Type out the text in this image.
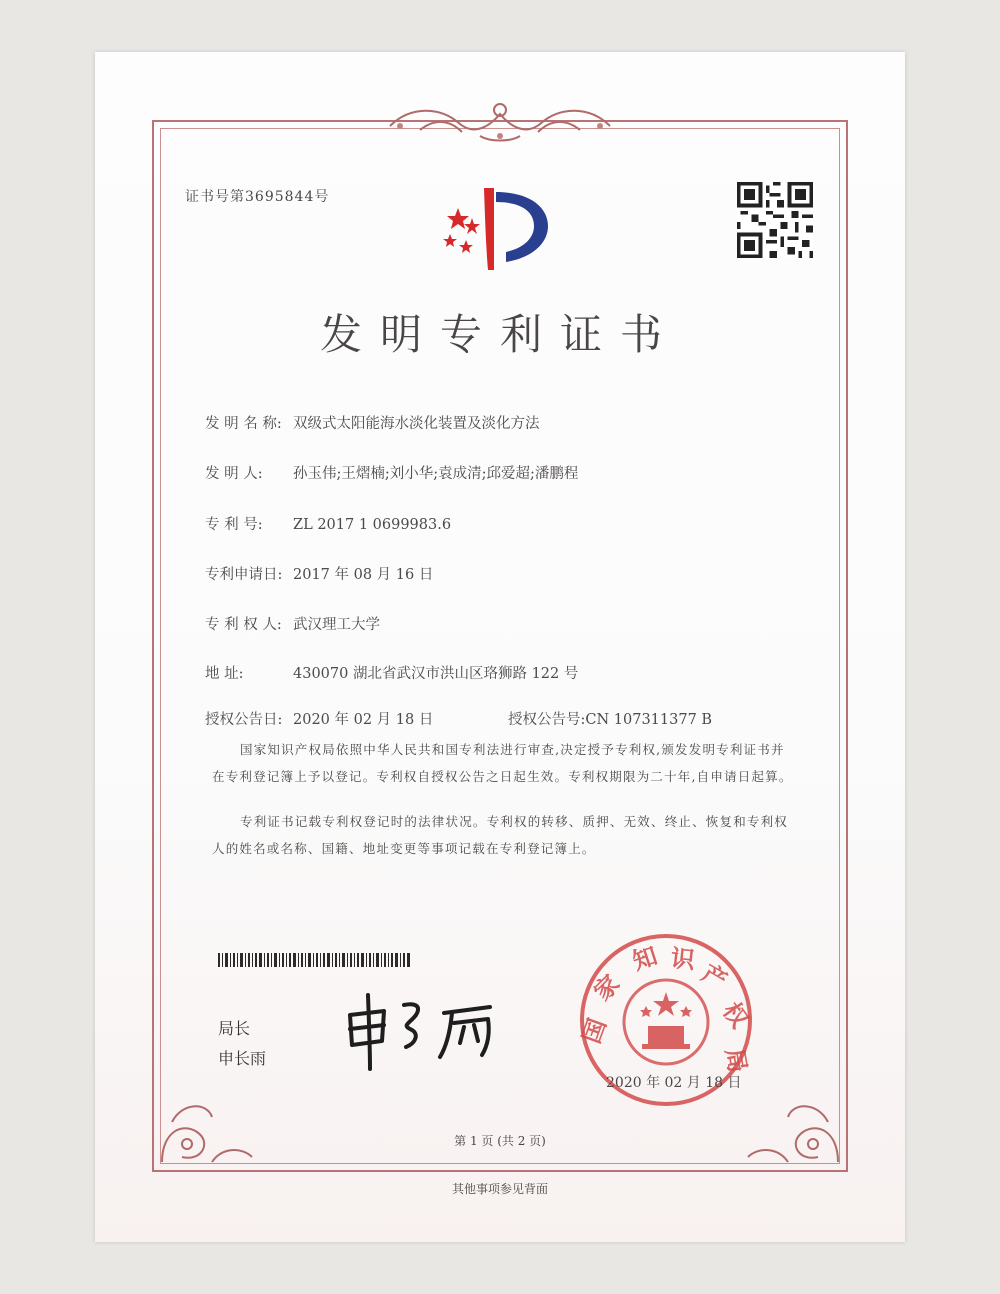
证书号第3695844号
发明专利证书
发 明 名 称: 双级式太阳能海水淡化装置及淡化方法
发 明 人: 孙玉伟;王熠楠;刘小华;袁成清;邱爱超;潘鹏程
专 利 号: ZL 2017 1 0699983.6
专利申请日: 2017 年 08 月 16 日
专 利 权 人: 武汉理工大学
地 址:	430070 湖北省武汉市洪山区珞狮路 122 号
授权公告日: 2020 年 02 月 18 日	授权公告号:CN 107311377 B
国家知识产权局依照中华人民共和国专利法进行审查,决定授予专利权,颁发发明专利证书并在专利登记簿上予以登记。专利权自授权公告之日起生效。专利权期限为二十年,自申请日起算。
专利证书记载专利权登记时的法律状况。专利权的转移、质押、无效、终止、恢复和专利权人的姓名或名称、国籍、地址变更等事项记载在专利登记簿上。
局长
申长雨
国
家
知 识 产
权
局
2020 年 02 月 18 日
第 1 页 (共 2 页)
其他事项参见背面
